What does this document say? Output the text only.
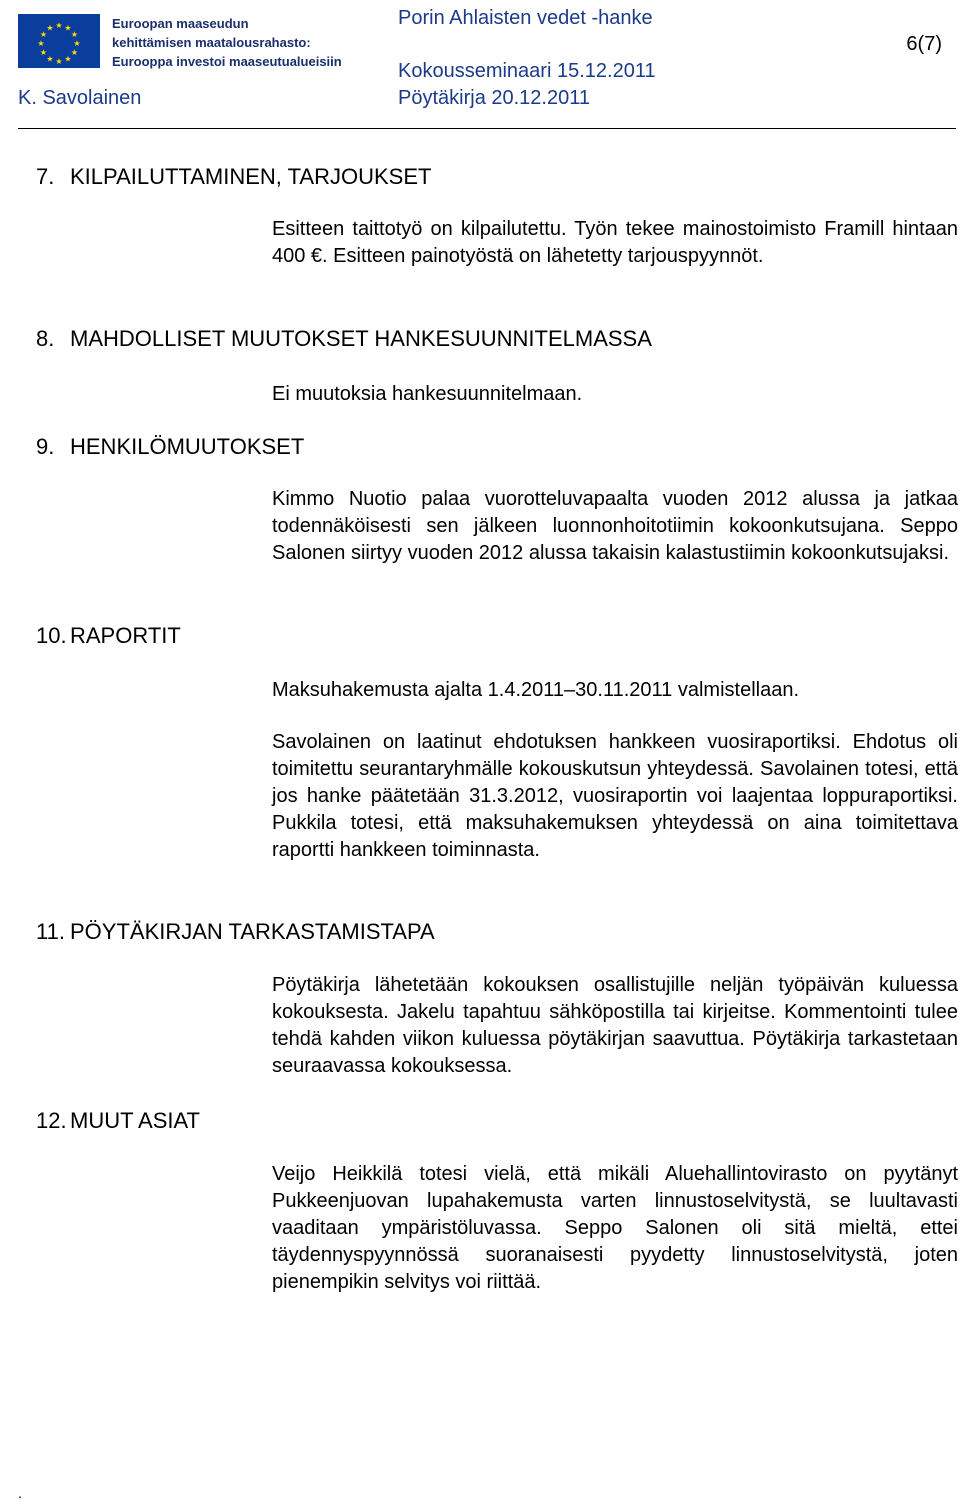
★ ★
★
★
★
★
★
★
★
★
★
★	Euroopan maaseudun
kehittämisen maatalousrahasto:
Eurooppa investoi maaseutualueisiin
Porin Ahlaisten vedet -hanke
6(7)
Kokousseminaari 15.12.2011
K. Savolainen	Pöytäkirja 20.12.2011
7. KILPAILUTTAMINEN, TARJOUKSET

Esitteen taittotyö on kilpailutettu. Työn tekee mainostoimisto Framill hintaan 400 €. Esitteen painotyöstä on lähetetty tarjouspyynnöt.

8. MAHDOLLISET MUUTOKSET HANKESUUNNITELMASSA

Ei muutoksia hankesuunnitelmaan.

9. HENKILÖMUUTOKSET

Kimmo Nuotio palaa vuorotteluvapaalta vuoden 2012 alussa ja jatkaa todennäköisesti sen jälkeen luonnonhoitotiimin kokoonkutsujana. Seppo Salonen siirtyy vuoden 2012 alussa takaisin kalastustiimin kokoonkutsujaksi.

10. RAPORTIT

Maksuhakemusta ajalta 1.4.2011–30.11.2011 valmistellaan.

Savolainen on laatinut ehdotuksen hankkeen vuosiraportiksi. Ehdotus oli toimitettu seurantaryhmälle kokouskutsun yhteydessä. Savolainen totesi, että jos hanke päätetään 31.3.2012, vuosiraportin voi laajentaa loppuraportiksi. Pukkila totesi, että maksuhakemuksen yhteydessä on aina toimitettava raportti hankkeen toiminnasta.

11. PÖYTÄKIRJAN TARKASTAMISTAPA

Pöytäkirja lähetetään kokouksen osallistujille neljän työpäivän kuluessa kokouksesta. Jakelu tapahtuu sähköpostilla tai kirjeitse. Kommentointi tulee tehdä kahden viikon kuluessa pöytäkirjan saavuttua. Pöytäkirja tarkastetaan seuraavassa kokouksessa.

12. MUUT ASIAT

Veijo Heikkilä totesi vielä, että mikäli Aluehallintovirasto on pyytänyt Pukkeenjuovan lupahakemusta varten linnustoselvitystä, se luultavasti vaaditaan ympäristöluvassa. Seppo Salonen oli sitä mieltä, ettei täydennyspyynnössä suoranaisesti pyydetty linnustoselvitystä, joten pienempikin selvitys voi riittää.

.
